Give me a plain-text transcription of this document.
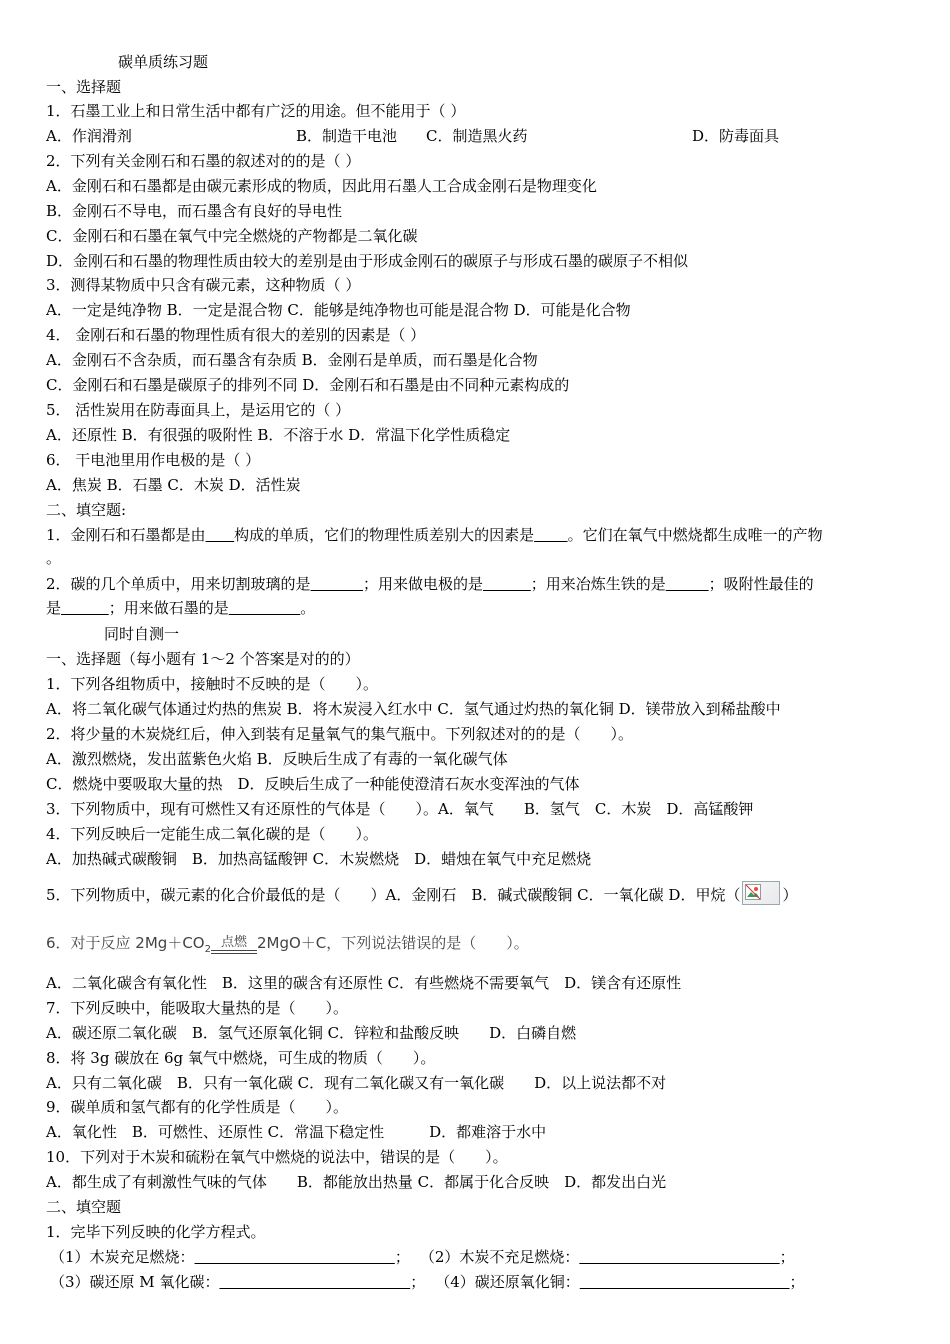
碳单质练习题
一、选择题
1．石墨工业上和日常生活中都有广泛的用途。但不能用于（ ）
A．作润滑剂	B．制造干电池 C．制造黑火药	D．防毒面具
2．下列有关金刚石和石墨的叙述对的的是（ ）
A．金刚石和石墨都是由碳元素形成的物质，因此用石墨人工合成金刚石是物理变化
B．金刚石不导电，而石墨含有良好的导电性
C．金刚石和石墨在氧气中完全燃烧的产物都是二氧化碳
D．金刚石和石墨的物理性质由较大的差别是由于形成金刚石的碳原子与形成石墨的碳原子不相似
3．测得某物质中只含有碳元素，这种物质（ ）
A．一定是纯净物 B．一定是混合物 C．能够是纯净物也可能是混合物 D．可能是化合物
4． 金刚石和石墨的物理性质有很大的差别的因素是（ ）
A．金刚石不含杂质，而石墨含有杂质 B．金刚石是单质，而石墨是化合物
C．金刚石和石墨是碳原子的排列不同 D．金刚石和石墨是由不同种元素构成的
5． 活性炭用在防毒面具上，是运用它的（ ）
A．还原性 B．有很强的吸附性 B．不溶于水 D．常温下化学性质稳定
6． 干电池里用作电极的是（ ）
A．焦炭 B．石墨 C．木炭 D．活性炭
二、填空题:
1．金刚石和石墨都是由 构成的单质，它们的物理性质差别大的因素是 。它们在氧气中燃烧都生成唯一的产物
。
2．碳的几个单质中，用来切割玻璃的是	；用来做电极的是	；用来冶炼生铁的是	；吸附性最佳的
是	；用来做石墨的是	。
同时自测一
一、选择题（每小题有 1～2 个答案是对的的）
1．下列各组物质中，接触时不反映的是（　　）。
A．将二氧化碳气体通过灼热的焦炭 B．将木炭浸入红水中 C．氢气通过灼热的氧化铜 D．镁带放入到稀盐酸中
2．将少量的木炭烧红后，伸入到装有足量氧气的集气瓶中。下列叙述对的的是（　　）。
A．激烈燃烧，发出蓝紫色火焰 B．反映后生成了有毒的一氧化碳气体
C．燃烧中要吸取大量的热　D．反映后生成了一种能使澄清石灰水变浑浊的气体
3．下列物质中，现有可燃性又有还原性的气体是（　　）。A．氧气　　B．氢气　C．木炭　D．高锰酸钾
4．下列反映后一定能生成二氧化碳的是（　　）。
A．加热碱式碳酸铜　B．加热高锰酸钾 C．木炭燃烧　D．蜡烛在氧气中充足燃烧
5．下列物质中，碳元素的化合价最低的是（　　）A．金刚石　B．碱式碳酸铜 C．一氧化碳 D．甲烷（	）
6．对于反应 $2Mg+CO_2$ 点燃 2MgO＋C，下列说法错误的是（　　）。
A．二氧化碳含有氧化性　B．这里的碳含有还原性 C．有些燃烧不需要氧气　D．镁含有还原性
7．下列反映中，能吸取大量热的是（　　）。
A．碳还原二氧化碳　B．氢气还原氧化铜 C．锌粒和盐酸反映　　D．白磷自燃
8．将 3g 碳放在 6g 氧气中燃烧，可生成的物质（　　）。
A．只有二氧化碳　B．只有一氧化碳 C．现有二氧化碳又有一氧化碳　　D．以上说法都不对
9．碳单质和氢气都有的化学性质是（　　）。
A．氧化性　B．可燃性、还原性 C．常温下稳定性　　　D．都难溶于水中
10．下列对于木炭和硫粉在氧气中燃烧的说法中，错误的是（　　）。
A．都生成了有刺激性气味的气体　　B．都能放出热量 C．都属于化合反映　D．都发出白光
二、填空题
1．完毕下列反映的化学方程式。
（1）木炭充足燃烧：	； （2）木炭不充足燃烧：	；
（3）碳还原 M 氧化碳：	； （4）碳还原氧化铜：	；
